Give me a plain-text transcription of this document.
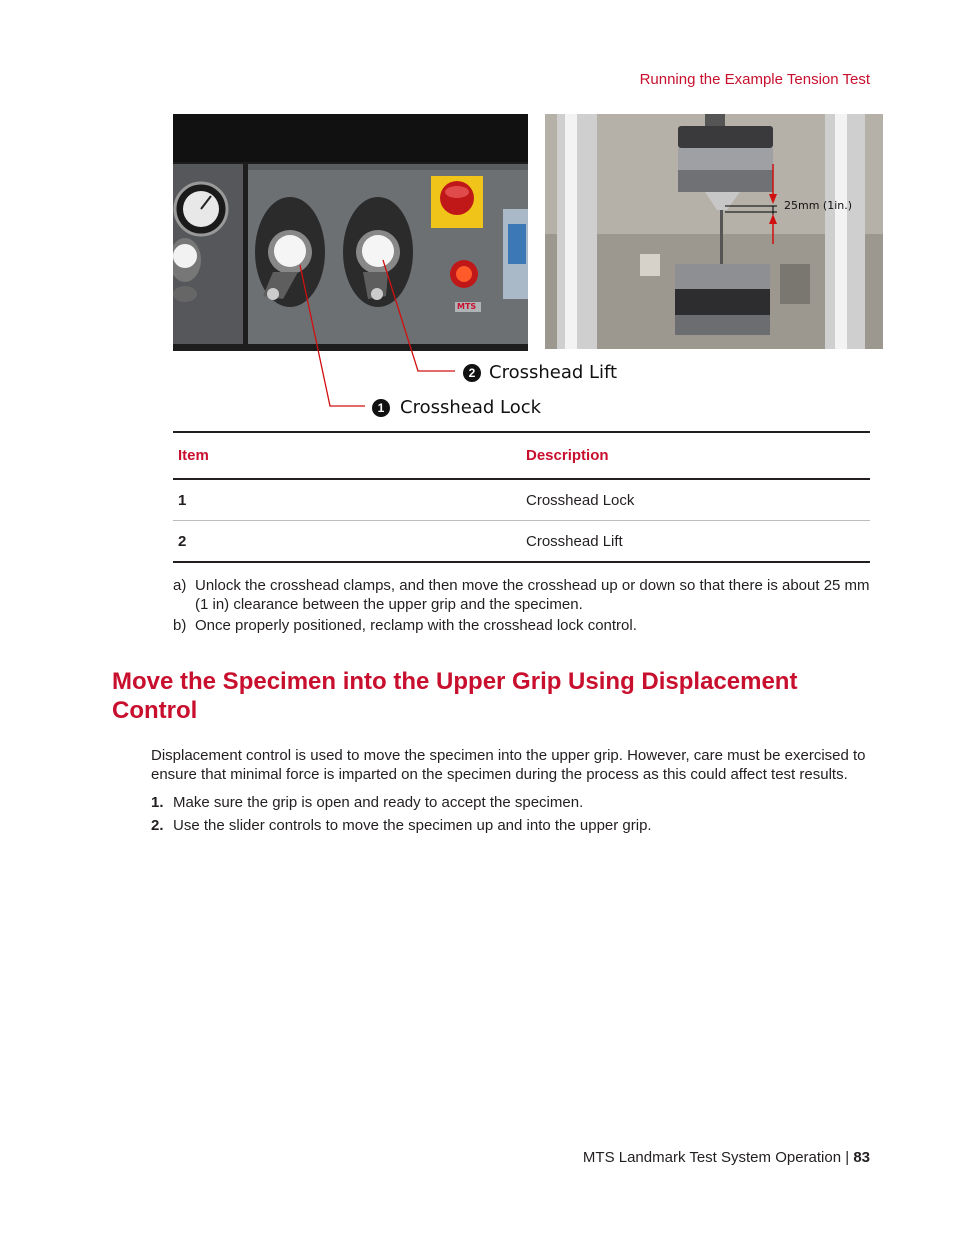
Running the Example Tension Test
MTS
25mm (1in.)
2 Crosshead Lift
1 Crosshead Lock
Item	Description
1	Crosshead Lock
2	Crosshead Lift
a) Unlock the crosshead clamps, and then move the crosshead up or down so that there is about 25 mm (1 in) clearance between the upper grip and the specimen.
b) Once properly positioned, reclamp with the crosshead lock control.
Move the Specimen into the Upper Grip Using Displacement Control
Displacement control is used to move the specimen into the upper grip. However, care must be exercised to ensure that minimal force is imparted on the specimen during the process as this could affect test results.
1. Make sure the grip is open and ready to accept the specimen.
2. Use the slider controls to move the specimen up and into the upper grip.
MTS Landmark Test System Operation | 83
